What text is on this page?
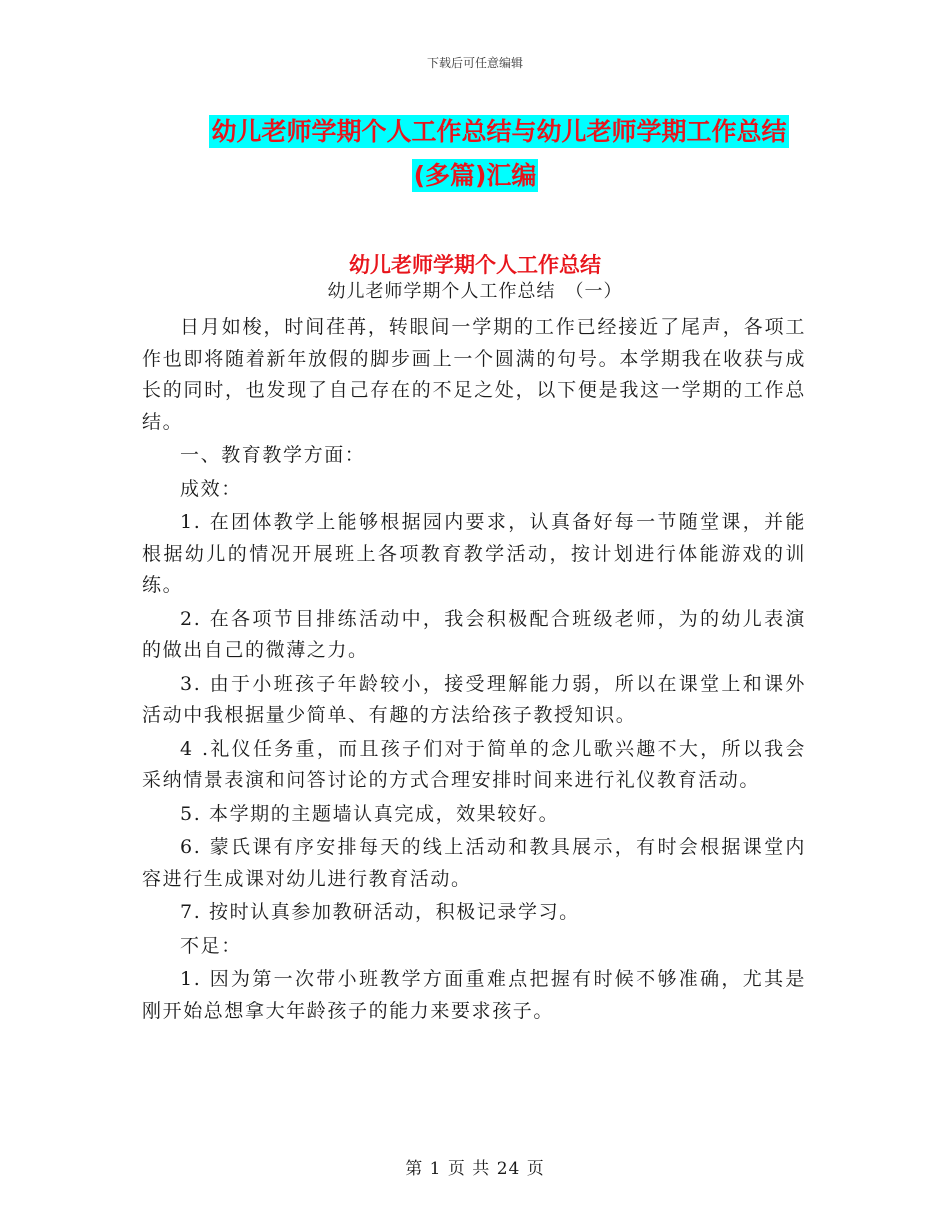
下载后可任意编辑
幼儿老师学期个人工作总结与幼儿老师学期工作总结
(多篇)汇编
幼儿老师学期个人工作总结
幼儿老师学期个人工作总结　（一）

日月如梭，时间荏苒，转眼间一学期的工作已经接近了尾声，各项工作也即将随着新年放假的脚步画上一个圆满的句号。本学期我在收获与成长的同时，也发现了自己存在的不足之处，以下便是我这一学期的工作总结。

一、教育教学方面：

成效：

1. 在团体教学上能够根据园内要求，认真备好每一节随堂课，并能根据幼儿的情况开展班上各项教育教学活动，按计划进行体能游戏的训练。

2. 在各项节目排练活动中，我会积极配合班级老师，为的幼儿表演的做出自己的微薄之力。

3. 由于小班孩子年龄较小，接受理解能力弱，所以在课堂上和课外活动中我根据量少简单、有趣的方法给孩子教授知识。

4 .礼仪任务重，而且孩子们对于简单的念儿歌兴趣不大，所以我会采纳情景表演和问答讨论的方式合理安排时间来进行礼仪教育活动。

5. 本学期的主题墙认真完成，效果较好。

6. 蒙氏课有序安排每天的线上活动和教具展示，有时会根据课堂内容进行生成课对幼儿进行教育活动。

7. 按时认真参加教研活动，积极记录学习。

不足：

1. 因为第一次带小班教学方面重难点把握有时候不够准确，尤其是刚开始总想拿大年龄孩子的能力来要求孩子。

第 1 页 共 24 页
